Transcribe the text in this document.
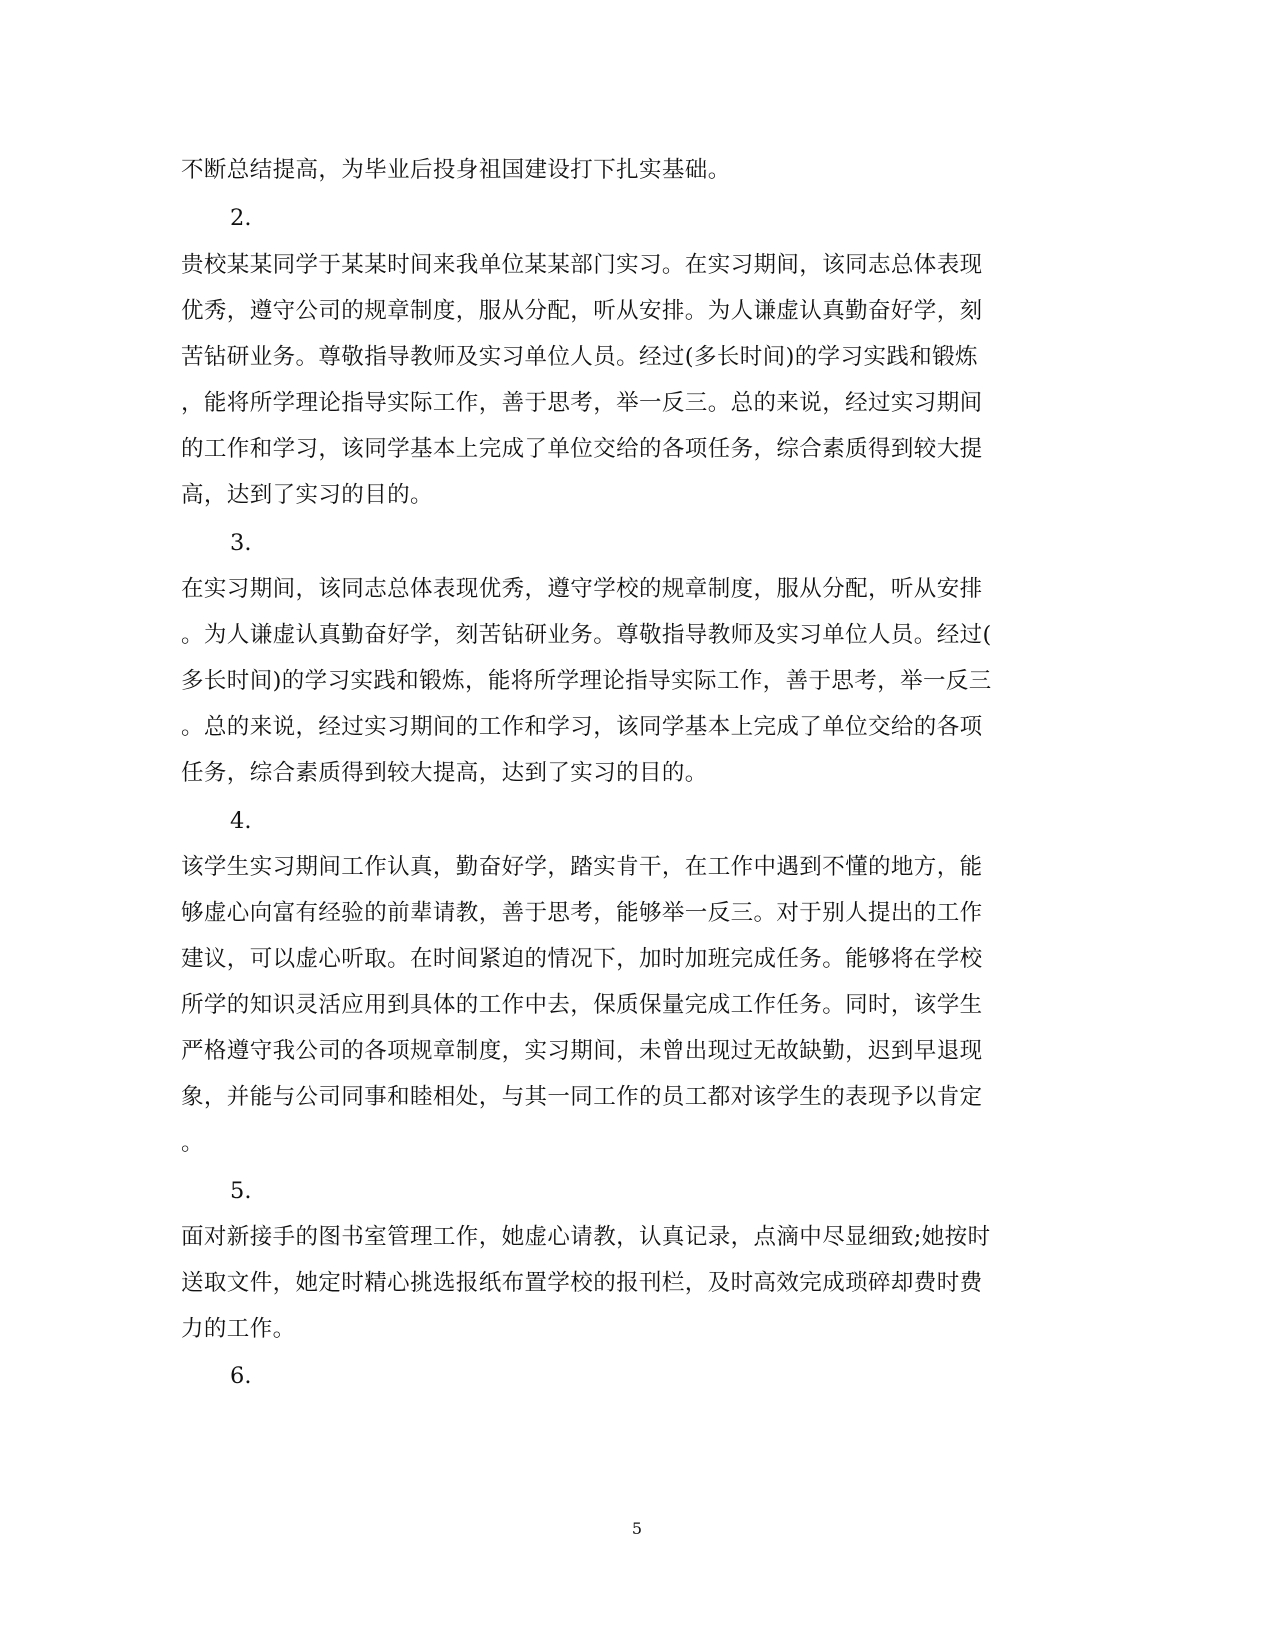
不断总结提高，为毕业后投身祖国建设打下扎实基础。
2.
贵校某某同学于某某时间来我单位某某部门实习。在实习期间，该同志总体表现
优秀，遵守公司的规章制度，服从分配，听从安排。为人谦虚认真勤奋好学，刻
苦钻研业务。尊敬指导教师及实习单位人员。经过(多长时间)的学习实践和锻炼
，能将所学理论指导实际工作，善于思考，举一反三。总的来说，经过实习期间
的工作和学习，该同学基本上完成了单位交给的各项任务，综合素质得到较大提
高，达到了实习的目的。
3.
在实习期间，该同志总体表现优秀，遵守学校的规章制度，服从分配，听从安排
。为人谦虚认真勤奋好学，刻苦钻研业务。尊敬指导教师及实习单位人员。经过(
多长时间)的学习实践和锻炼，能将所学理论指导实际工作，善于思考，举一反三
。总的来说，经过实习期间的工作和学习，该同学基本上完成了单位交给的各项
任务，综合素质得到较大提高，达到了实习的目的。
4.
该学生实习期间工作认真，勤奋好学，踏实肯干，在工作中遇到不懂的地方，能
够虚心向富有经验的前辈请教，善于思考，能够举一反三。对于别人提出的工作
建议，可以虚心听取。在时间紧迫的情况下，加时加班完成任务。能够将在学校
所学的知识灵活应用到具体的工作中去，保质保量完成工作任务。同时，该学生
严格遵守我公司的各项规章制度，实习期间，未曾出现过无故缺勤，迟到早退现
象，并能与公司同事和睦相处，与其一同工作的员工都对该学生的表现予以肯定
。
5.
面对新接手的图书室管理工作，她虚心请教，认真记录，点滴中尽显细致;她按时
送取文件，她定时精心挑选报纸布置学校的报刊栏，及时高效完成琐碎却费时费
力的工作。
6.
5
